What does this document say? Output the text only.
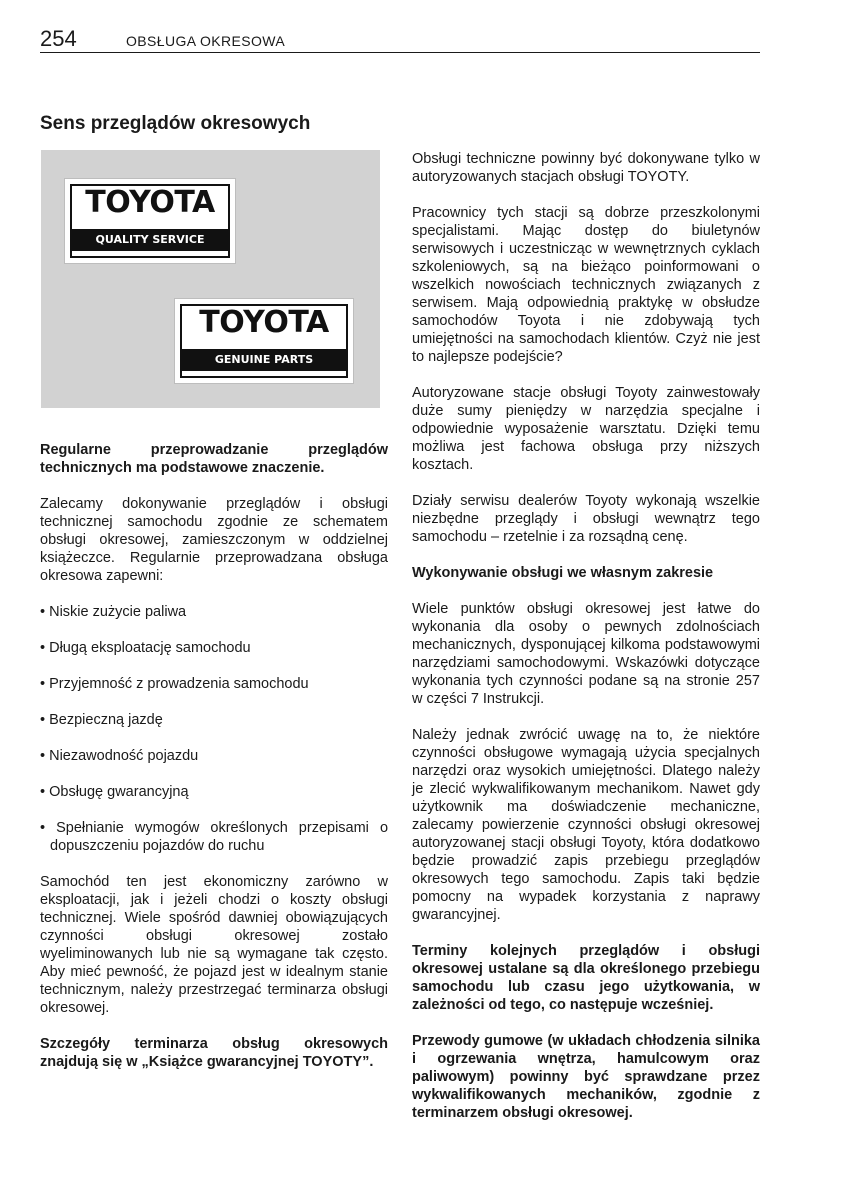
254	OBSŁUGA OKRESOWA
Sens przeglądów okresowych
TOYOTA
QUALITY SERVICE
TOYOTA
GENUINE PARTS

Regularne przeprowadzanie przeglądów technicznych ma podstawowe znaczenie.

Zalecamy dokonywanie przeglądów i obsługi technicznej samochodu zgodnie ze schematem obsługi okresowej, zamieszczonym w oddzielnej książeczce. Regularnie przeprowadzana obsługa okresowa zapewni:

• Niskie zużycie paliwa
• Długą eksploatację samochodu
• Przyjemność z prowadzenia samochodu
• Bezpieczną jazdę
• Niezawodność pojazdu
• Obsługę gwarancyjną
• Spełnianie wymogów określonych przepisami o dopuszczeniu pojazdów do ruchu

Samochód ten jest ekonomiczny zarówno w eksploatacji, jak i jeżeli chodzi o koszty obsługi technicznej. Wiele spośród dawniej obowiązujących czynności obsługi okresowej zostało wyeliminowanych lub nie są wymagane tak często. Aby mieć pewność, że pojazd jest w idealnym stanie technicznym, należy przestrzegać terminarza obsługi okresowej.

Szczegóły terminarza obsług okresowych znajdują się w „Książce gwarancyjnej TOYOTY”.

Obsługi techniczne powinny być dokonywane tylko w autoryzowanych stacjach obsługi TOYOTY.

Pracownicy tych stacji są dobrze przeszkolonymi specjalistami. Mając dostęp do biuletynów serwisowych i uczestnicząc w wewnętrznych cyklach szkoleniowych, są na bieżąco poinformowani o wszelkich nowościach technicznych związanych z serwisem. Mają odpowiednią praktykę w obsłudze samochodów Toyota i nie zdobywają tych umiejętności na samochodach klientów. Czyż nie jest to najlepsze podejście?

Autoryzowane stacje obsługi Toyoty zainwestowały duże sumy pieniędzy w narzędzia specjalne i odpowiednie wyposażenie warsztatu. Dzięki temu możliwa jest fachowa obsługa przy niższych kosztach.

Działy serwisu dealerów Toyoty wykonają wszelkie niezbędne przeglądy i obsługi wewnątrz tego samochodu – rzetelnie i za rozsądną cenę.

Wykonywanie obsługi we własnym zakresie

Wiele punktów obsługi okresowej jest łatwe do wykonania dla osoby o pewnych zdolnościach mechanicznych, dysponującej kilkoma podstawowymi narzędziami samochodowymi. Wskazówki dotyczące wykonania tych czynności podane są na stronie 257 w części 7 Instrukcji.

Należy jednak zwrócić uwagę na to, że niektóre czynności obsługowe wymagają użycia specjalnych narzędzi oraz wysokich umiejętności. Dlatego należy je zlecić wykwalifikowanym mechanikom. Nawet gdy użytkownik ma doświadczenie mechaniczne, zalecamy powierzenie czynności obsługi okresowej autoryzowanej stacji obsługi Toyoty, która dodatkowo będzie prowadzić zapis przebiegu przeglądów okresowych tego samochodu. Zapis taki będzie pomocny na wypadek korzystania z naprawy gwarancyjnej.

Terminy kolejnych przeglądów i obsługi okresowej ustalane są dla określonego przebiegu samochodu lub czasu jego użytkowania, w zależności od tego, co następuje wcześniej.

Przewody gumowe (w układach chłodzenia silnika i ogrzewania wnętrza, hamulcowym oraz paliwowym) powinny być sprawdzane przez wykwalifikowanych mechaników, zgodnie z terminarzem obsługi okresowej.
